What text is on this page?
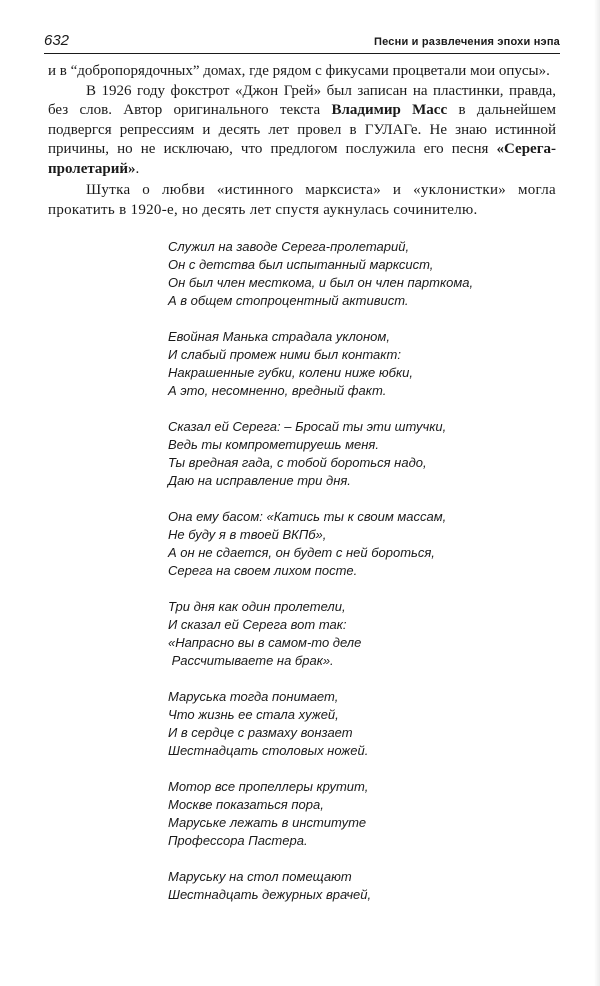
632	Песни и развлечения эпохи нэпа

и в “добропорядочных” домах, где рядом с фикусами процветали мои опусы».

В 1926 году фокстрот «Джон Грей» был записан на пластинки, правда, без слов. Автор оригинального текста Владимир Масс в дальнейшем подвергся репрессиям и десять лет провел в ГУЛАГе. Не знаю истинной причины, но не исключаю, что предлогом послужила его песня «Серега-пролетарий».

Шутка о любви «истинного марксиста» и «уклонистки» могла прокатить в 1920-е, но десять лет спустя аукнулась сочинителю.

Служил на заводе Серега-пролетарий,
Он с детства был испытанный марксист,
Он был член месткома, и был он член парткома,
А в общем стопроцентный активист.
Евойная Манька страдала уклоном,
И слабый промеж ними был контакт:
Накрашенные губки, колени ниже юбки,
А это, несомненно, вредный факт.
Сказал ей Серега: – Бросай ты эти штучки,
Ведь ты компрометируешь меня.
Ты вредная гада, с тобой бороться надо,
Даю на исправление три дня.
Она ему басом: «Катись ты к своим массам,
Не буду я в твоей ВКПб»,
А он не сдается, он будет с ней бороться,
Серега на своем лихом посте.
Три дня как один пролетели,
И сказал ей Серега вот так:
«Напрасно вы в самом-то деле
Рассчитываете на брак».
Маруська тогда понимает,
Что жизнь ее стала хужей,
И в сердце с размаху вонзает
Шестнадцать столовых ножей.
Мотор все пропеллеры крутит,
Москве показаться пора,
Маруське лежать в институте
Профессора Пастера.
Маруську на стол помещают
Шестнадцать дежурных врачей,
